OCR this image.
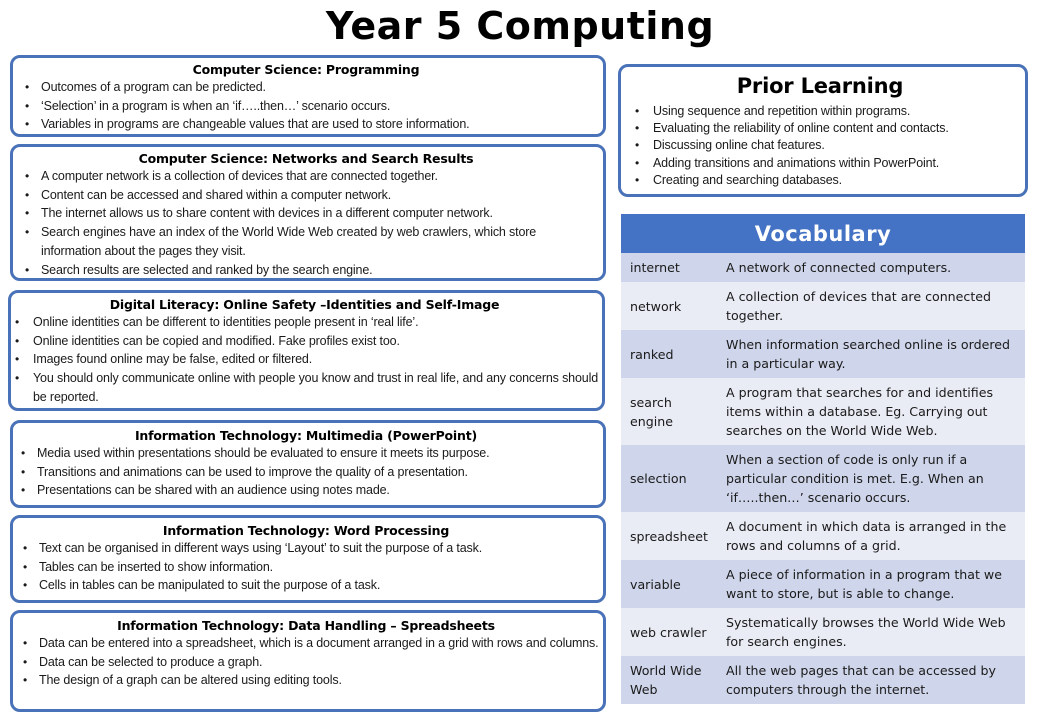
Year 5 Computing
Computer Science: Programming
• Outcomes of a program can be predicted.
• ‘Selection’ in a program is when an ‘if…..then…’ scenario occurs.
• Variables in programs are changeable values that are used to store information.
Computer Science: Networks and Search Results
• A computer network is a collection of devices that are connected together.
• Content can be accessed and shared within a computer network.
• The internet allows us to share content with devices in a different computer network.
• Search engines have an index of the World Wide Web created by web crawlers, which store information about the pages they visit.
• Search results are selected and ranked by the search engine.
Digital Literacy: Online Safety –Identities and Self-Image
• Online identities can be different to identities people present in ‘real life’.
• Online identities can be copied and modified. Fake profiles exist too.
• Images found online may be false, edited or filtered.
• You should only communicate online with people you know and trust in real life, and any concerns should be reported.
Information Technology: Multimedia (PowerPoint)
• Media used within presentations should be evaluated to ensure it meets its purpose.
• Transitions and animations can be used to improve the quality of a presentation.
• Presentations can be shared with an audience using notes made.
Information Technology: Word Processing
• Text can be organised in different ways using ‘Layout’ to suit the purpose of a task.
• Tables can be inserted to show information.
• Cells in tables can be manipulated to suit the purpose of a task.
Information Technology: Data Handling – Spreadsheets
• Data can be entered into a spreadsheet, which is a document arranged in a grid with rows and columns.
• Data can be selected to produce a graph.
• The design of a graph can be altered using editing tools.
Prior Learning
• Using sequence and repetition within programs.
• Evaluating the reliability of online content and contacts.
• Discussing online chat features.
• Adding transitions and animations within PowerPoint.
• Creating and searching databases.
Vocabulary	
internet	A network of connected computers.
network	A collection of devices that are connected together.
ranked	When information searched online is ordered in a particular way.
search engine	A program that searches for and identifies items within a database. Eg. Carrying out searches on the World Wide Web.
selection	When a section of code is only run if a particular condition is met. E.g. When an ‘if…..then…’ scenario occurs.
spreadsheet	A document in which data is arranged in the rows and columns of a grid.
variable	A piece of information in a program that we want to store, but is able to change.
web crawler	Systematically browses the World Wide Web for search engines.
World Wide Web	All the web pages that can be accessed by computers through the internet.
